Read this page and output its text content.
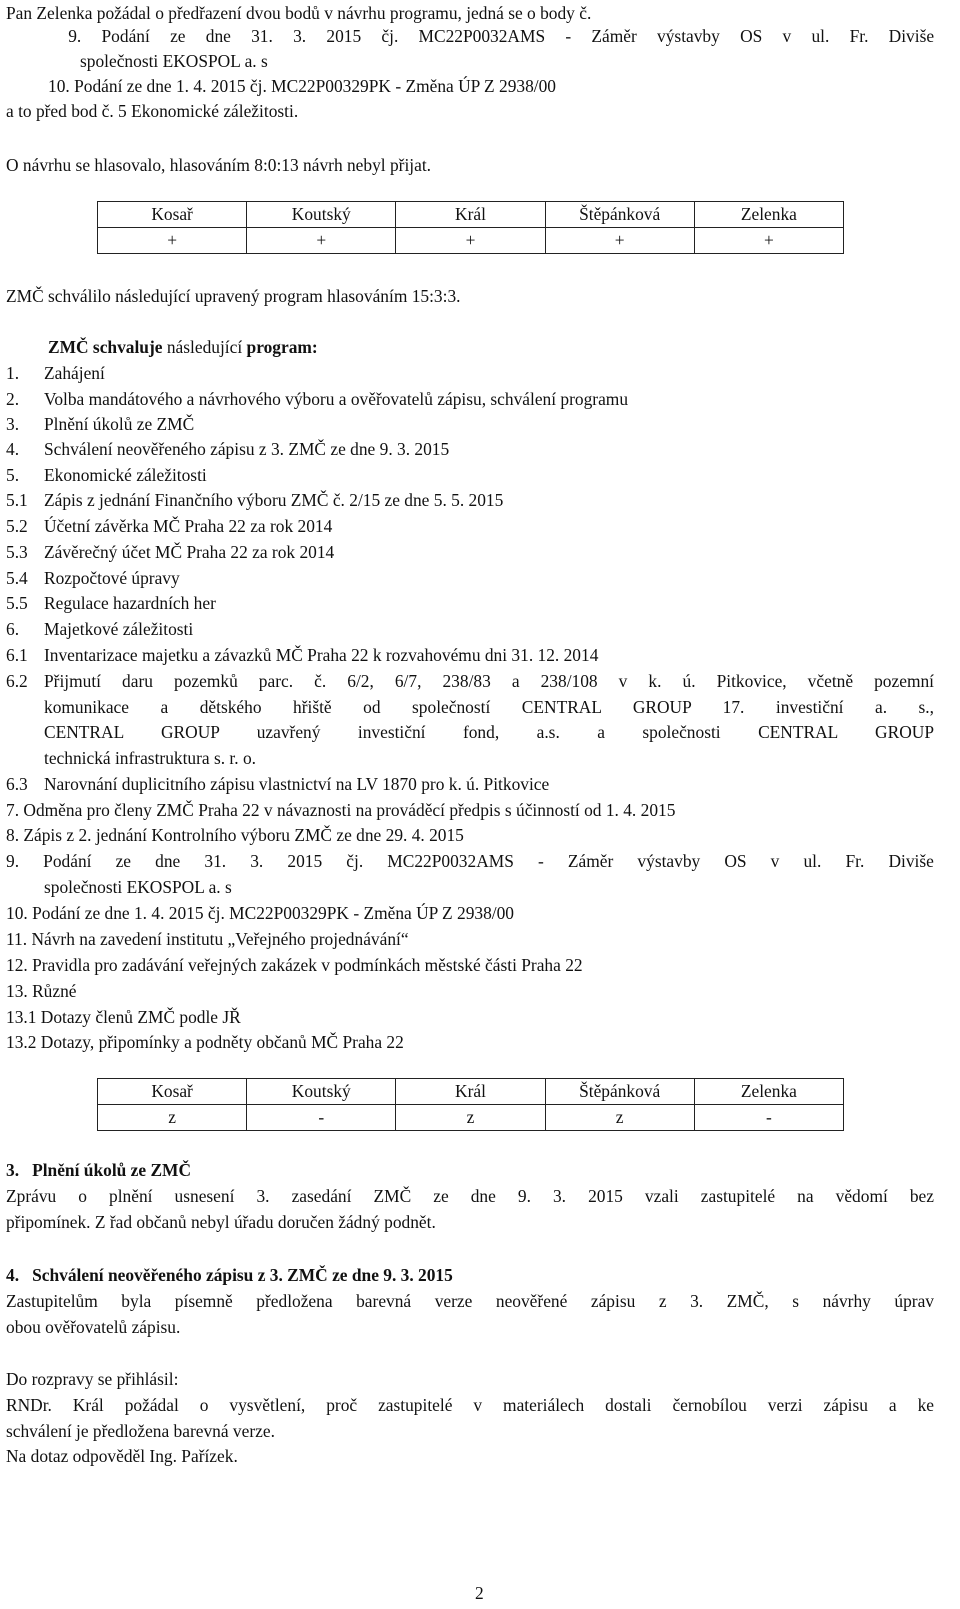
Pan Zelenka požádal o předřazení dvou bodů v návrhu programu, jedná se o body č.
9. Podání ze dne 31. 3. 2015 čj. MC22P0032AMS - Záměr výstavby OS v ul. Fr. Diviše
společnosti EKOSPOL a. s
10. Podání ze dne 1. 4. 2015 čj. MC22P00329PK - Změna ÚP Z 2938/00
a to před bod č. 5 Ekonomické záležitosti.
O návrhu se hlasovalo, hlasováním 8:0:13 návrh nebyl přijat.
Kosař	Koutský	Král	Štěpánková	Zelenka
+	+	+	+	+
ZMČ schválilo následující upravený program hlasováním 15:3:3.
ZMČ schvaluje následující program:
1. Zahájení
2. Volba mandátového a návrhového výboru a ověřovatelů zápisu, schválení programu
3. Plnění úkolů ze ZMČ
4. Schválení neověřeného zápisu z 3. ZMČ ze dne 9. 3. 2015
5. Ekonomické záležitosti
5.1 Zápis z jednání Finančního výboru ZMČ č. 2/15 ze dne 5. 5. 2015
5.2 Účetní závěrka MČ Praha 22 za rok 2014
5.3 Závěrečný účet MČ Praha 22 za rok 2014
5.4 Rozpočtové úpravy
5.5 Regulace hazardních her
6. Majetkové záležitosti
6.1 Inventarizace majetku a závazků MČ Praha 22 k rozvahovému dni 31. 12. 2014
6.2 Přijmutí daru pozemků parc. č. 6/2, 6/7, 238/83 a 238/108 v k. ú. Pitkovice, včetně pozemní
komunikace a dětského hřiště od společností CENTRAL GROUP 17. investiční a. s.,
CENTRAL GROUP uzavřený investiční fond, a.s. a společnosti CENTRAL GROUP
technická infrastruktura s. r. o.
6.3 Narovnání duplicitního zápisu vlastnictví na LV 1870 pro k. ú. Pitkovice
7. Odměna pro členy ZMČ Praha 22 v návaznosti na prováděcí předpis s účinností od 1. 4. 2015
8. Zápis z 2. jednání Kontrolního výboru ZMČ ze dne 29. 4. 2015
9. Podání ze dne 31. 3. 2015 čj. MC22P0032AMS - Záměr výstavby OS v ul. Fr. Diviše
společnosti EKOSPOL a. s
10. Podání ze dne 1. 4. 2015 čj. MC22P00329PK - Změna ÚP Z 2938/00
11. Návrh na zavedení institutu „Veřejného projednávání“
12. Pravidla pro zadávání veřejných zakázek v podmínkách městské části Praha 22
13. Různé
13.1 Dotazy členů ZMČ podle JŘ
13.2 Dotazy, připomínky a podněty občanů MČ Praha 22
Kosař	Koutský	Král	Štěpánková	Zelenka
z	-	z	z	-
3.   Plnění úkolů ze ZMČ
Zprávu o plnění usnesení 3. zasedání ZMČ ze dne 9. 3. 2015 vzali zastupitelé na vědomí bez
připomínek. Z řad občanů nebyl úřadu doručen žádný podnět.
4.   Schválení neověřeného zápisu z 3. ZMČ ze dne 9. 3. 2015
Zastupitelům byla písemně předložena barevná verze neověřené zápisu z 3. ZMČ, s návrhy úprav
obou ověřovatelů zápisu.
Do rozpravy se přihlásil:
RNDr. Král požádal o vysvětlení, proč zastupitelé v materiálech dostali černobílou verzi zápisu a ke
schválení je předložena barevná verze.
Na dotaz odpověděl Ing. Pařízek.
2
